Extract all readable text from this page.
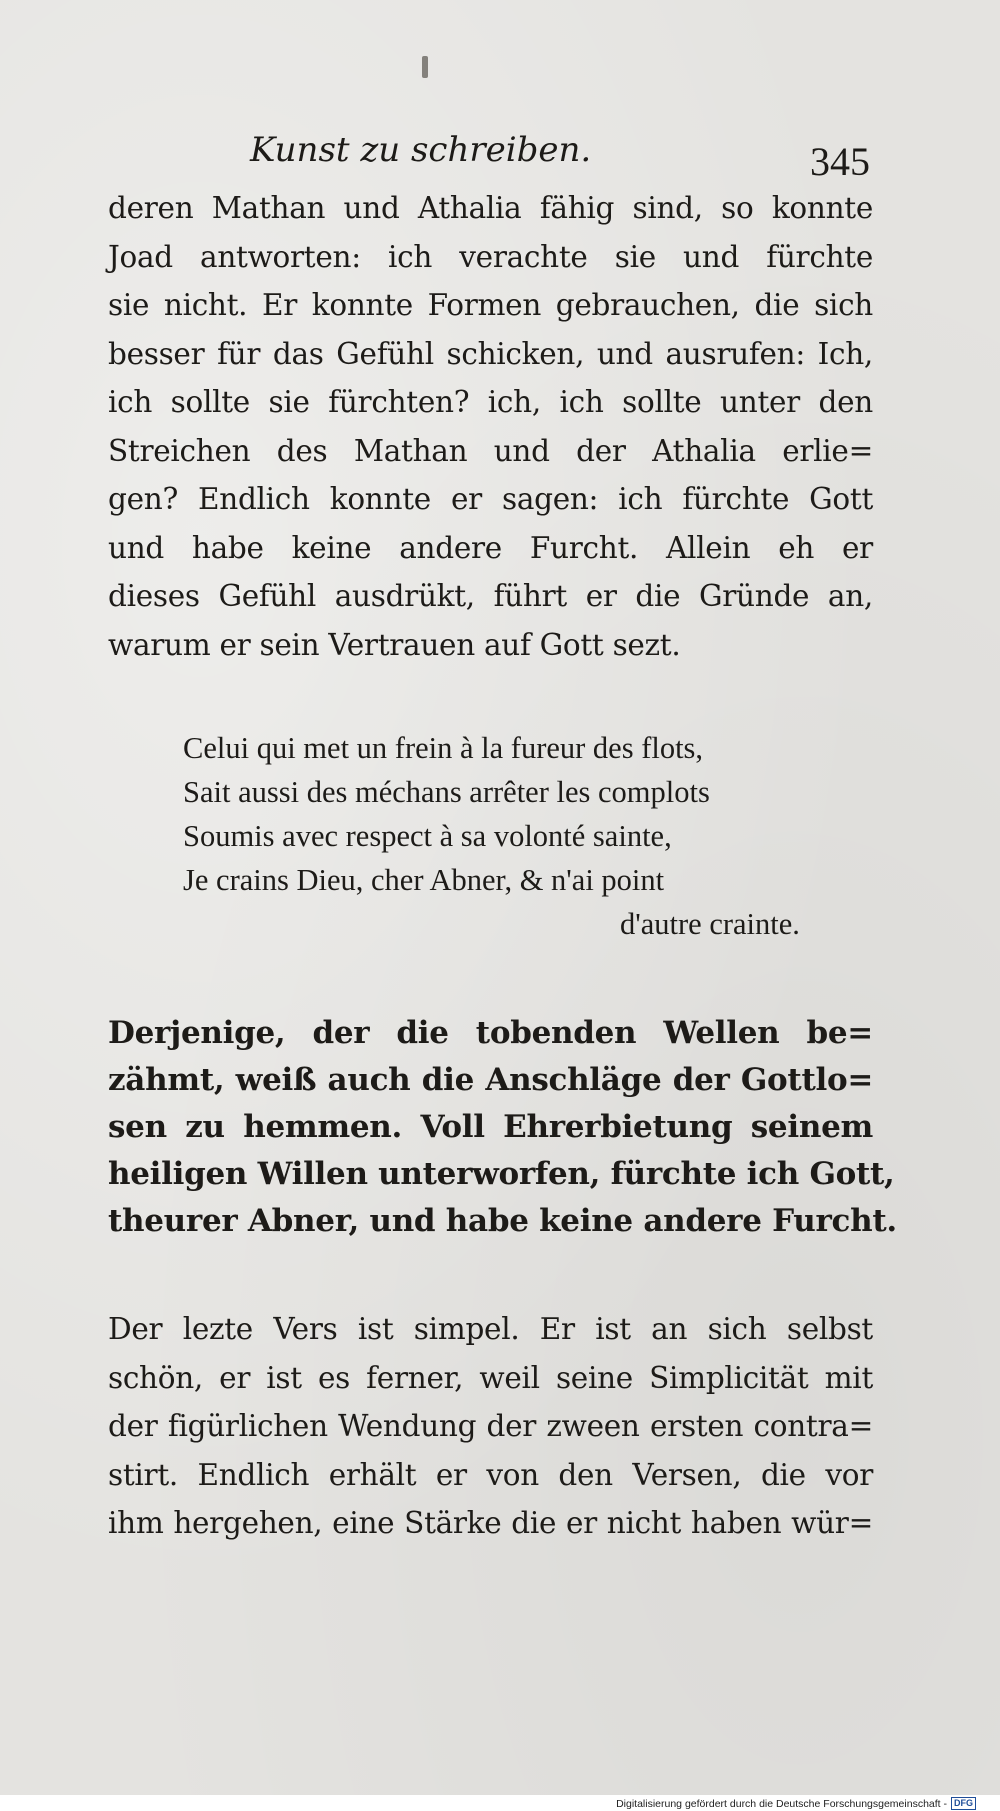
Kunst zu schreiben.	345
deren Mathan und Athalia fähig sind, so konnte
Joad antworten: ich verachte sie und fürchte
sie nicht. Er konnte Formen gebrauchen, die sich
besser für das Gefühl schicken, und ausrufen: Ich,
ich sollte sie fürchten? ich, ich sollte unter den
Streichen des Mathan und der Athalia erlie=
gen? Endlich konnte er sagen: ich fürchte Gott
und habe keine andere Furcht. Allein eh er
dieses Gefühl ausdrükt, führt er die Gründe an,
warum er sein Vertrauen auf Gott sezt.
Celui qui met un frein à la fureur des flots,
Sait aussi des méchans arrêter les complots
Soumis avec respect à sa volonté sainte,
Je crains Dieu, cher Abner, & n'ai point
d'autre crainte.
Derjenige, der die tobenden Wellen be=
zähmt, weiß auch die Anschläge der Gottlo=
sen zu hemmen. Voll Ehrerbietung seinem
heiligen Willen unterworfen, fürchte ich Gott,
theurer Abner, und habe keine andere Furcht.
Der lezte Vers ist simpel. Er ist an sich selbst
schön, er ist es ferner, weil seine Simplicität mit
der figürlichen Wendung der zween ersten contra=
stirt. Endlich erhält er von den Versen, die vor
ihm hergehen, eine Stärke die er nicht haben wür=
Digitalisierung gefördert durch die Deutsche Forschungsgemeinschaft - DFG
